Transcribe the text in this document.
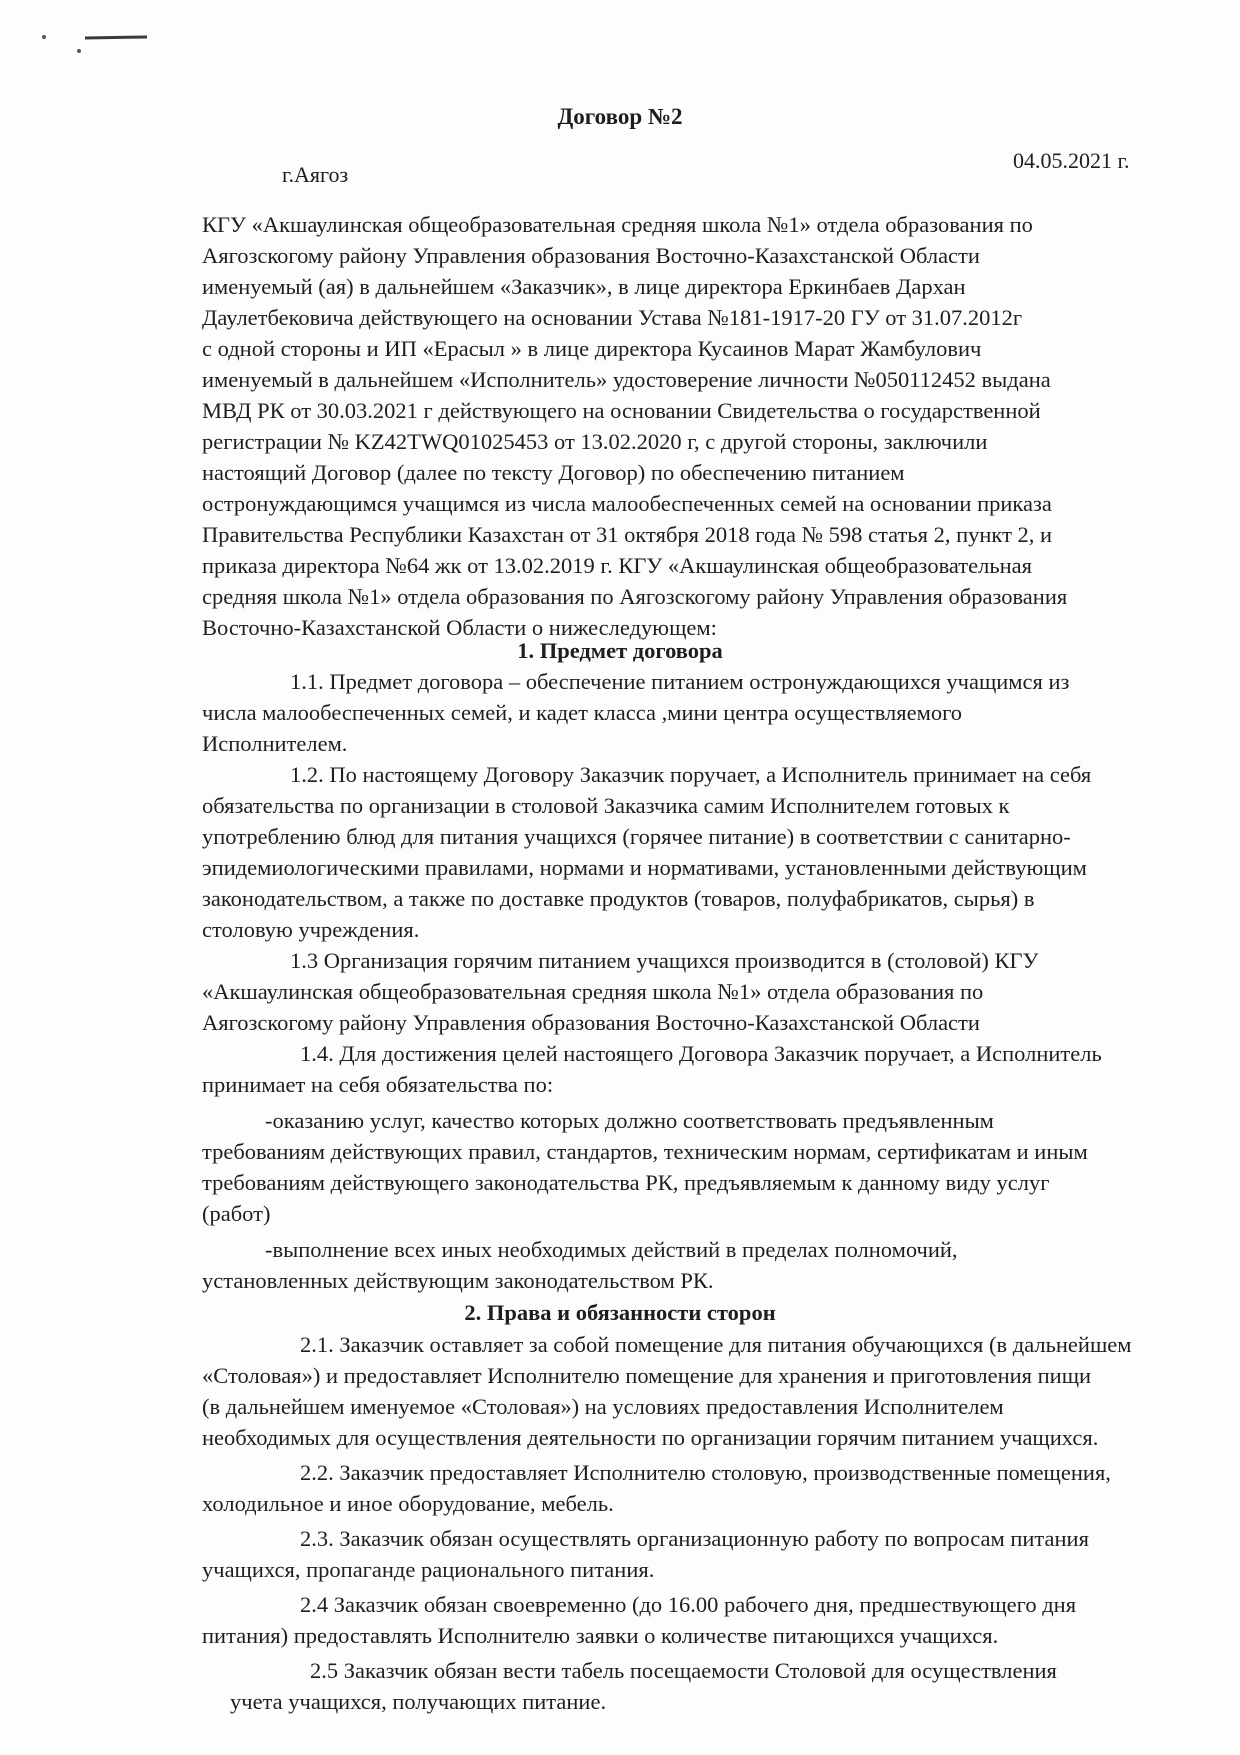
Договор №2
г.Аягоз
04.05.2021 г.
КГУ «Акшаулинская общеобразовательная средняя школа №1» отдела образования по
Аягозскогому району Управления образования Восточно-Казахстанской Области
именуемый (ая) в дальнейшем «Заказчик», в лице директора Еркинбаев Дархан
Даулетбековича действующего на основании Устава №181-1917-20 ГУ от 31.07.2012г
с одной стороны и ИП «Ерасыл » в лице директора Кусаинов Марат Жамбулович
именуемый в дальнейшем «Исполнитель» удостоверение личности №050112452 выдана
МВД РК от 30.03.2021 г действующего на основании Свидетельства о государственной
регистрации № KZ42TWQ01025453 от 13.02.2020 г, с другой стороны, заключили
настоящий Договор (далее по тексту Договор) по обеспечению питанием
остронуждающимся учащимся из числа малообеспеченных семей на основании приказа
Правительства Республики Казахстан от 31 октября 2018 года № 598 статья 2, пункт 2, и
приказа директора №64 жк от 13.02.2019 г. КГУ «Акшаулинская общеобразовательная
средняя школа №1» отдела образования по Аягозскогому району Управления образования
Восточно-Казахстанской Области о нижеследующем:
1. Предмет договора
1.1. Предмет договора – обеспечение питанием остронуждающихся учащимся из
числа малообеспеченных семей, и кадет класса ,мини центра осуществляемого
Исполнителем.
1.2. По настоящему Договору Заказчик поручает, а Исполнитель принимает на себя
обязательства по организации в столовой Заказчика самим Исполнителем готовых к
употреблению блюд для питания учащихся (горячее питание) в соответствии с санитарно-
эпидемиологическими правилами, нормами и нормативами, установленными действующим
законодательством, а также по доставке продуктов (товаров, полуфабрикатов, сырья) в
столовую учреждения.
1.3 Организация горячим питанием учащихся производится в (столовой) КГУ
«Акшаулинская общеобразовательная средняя школа №1» отдела образования по
Аягозскогому району Управления образования Восточно-Казахстанской Области
1.4. Для достижения целей настоящего Договора Заказчик поручает, а Исполнитель
принимает на себя обязательства по:
-оказанию услуг, качество которых должно соответствовать предъявленным
требованиям действующих правил, стандартов, техническим нормам, сертификатам и иным
требованиям действующего законодательства РК, предъявляемым к данному виду услуг
(работ)
-выполнение всех иных необходимых действий в пределах полномочий,
установленных действующим законодательством РК.
2. Права и обязанности сторон
2.1. Заказчик оставляет за собой помещение для питания обучающихся (в дальнейшем
«Столовая») и предоставляет Исполнителю помещение для хранения и приготовления пищи
(в дальнейшем именуемое «Столовая») на условиях предоставления Исполнителем
необходимых для осуществления деятельности по организации горячим питанием учащихся.
2.2. Заказчик предоставляет Исполнителю столовую, производственные помещения,
холодильное и иное оборудование, мебель.
2.3. Заказчик обязан осуществлять организационную работу по вопросам питания
учащихся, пропаганде рационального питания.
2.4 Заказчик обязан своевременно (до 16.00 рабочего дня, предшествующего дня
питания) предоставлять Исполнителю заявки о количестве питающихся учащихся.
2.5 Заказчик обязан вести табель посещаемости Столовой для осуществления
учета учащихся, получающих питание.
